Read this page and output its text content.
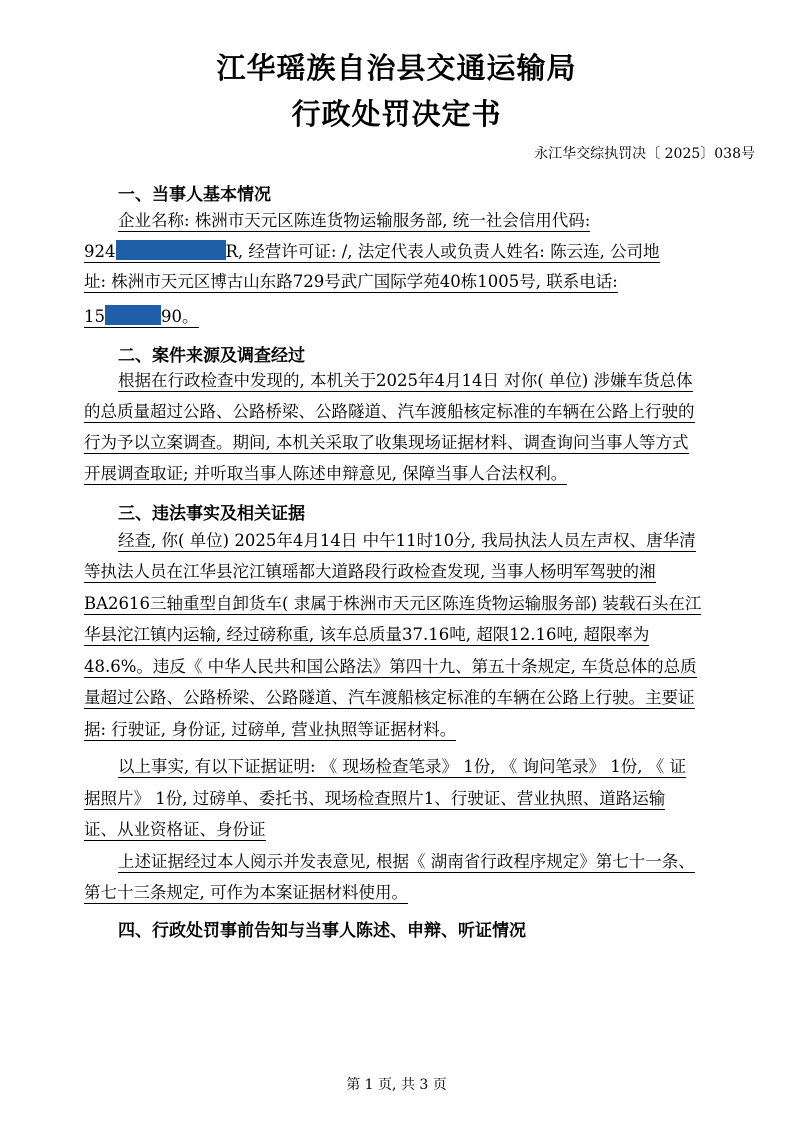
江华瑶族自治县交通运输局
行政处罚决定书
永江华交综执罚决〔 2025〕038号
一、当事人基本情况
企业名称: 株洲市天元区陈连货物运输服务部, 统一社会信用代码:
924	R, 经营许可证: /, 法定代表人或负责人姓名: 陈云连, 公司地
址: 株洲市天元区博古山东路729号武广国际学苑40栋1005号, 联系电话:
15	90。
二、案件来源及调查经过
根据在行政检查中发现的, 本机关于2025年4月14日 对你( 单位) 涉嫌车货总体
的总质量超过公路、公路桥梁、公路隧道、汽车渡船核定标准的车辆在公路上行驶的
行为予以立案调查。期间, 本机关采取了收集现场证据材料、调查询问当事人等方式
开展调查取证; 并听取当事人陈述申辩意见, 保障当事人合法权利。
三、违法事实及相关证据
经查, 你( 单位) 2025年4月14日 中午11时10分, 我局执法人员左声权、唐华清
等执法人员在江华县沱江镇瑶都大道路段行政检查发现, 当事人杨明军驾驶的湘
BA2616三轴重型自卸货车( 隶属于株洲市天元区陈连货物运输服务部) 装载石头在江
华县沱江镇内运输, 经过磅称重, 该车总质量37.16吨, 超限12.16吨, 超限率为
48.6%。违反《 中华人民共和国公路法》第四十九、第五十条规定, 车货总体的总质
量超过公路、公路桥梁、公路隧道、汽车渡船核定标准的车辆在公路上行驶。主要证
据: 行驶证, 身份证, 过磅单, 营业执照等证据材料。
以上事实, 有以下证据证明: 《 现场检查笔录》 1份, 《 询问笔录》 1份, 《 证
据照片》 1份, 过磅单、委托书、现场检查照片1、行驶证、营业执照、道路运输
证、从业资格证、身份证
上述证据经过本人阅示并发表意见, 根据《 湖南省行政程序规定》第七十一条、
第七十三条规定, 可作为本案证据材料使用。
四、行政处罚事前告知与当事人陈述、申辩、听证情况
第 1 页, 共 3 页
